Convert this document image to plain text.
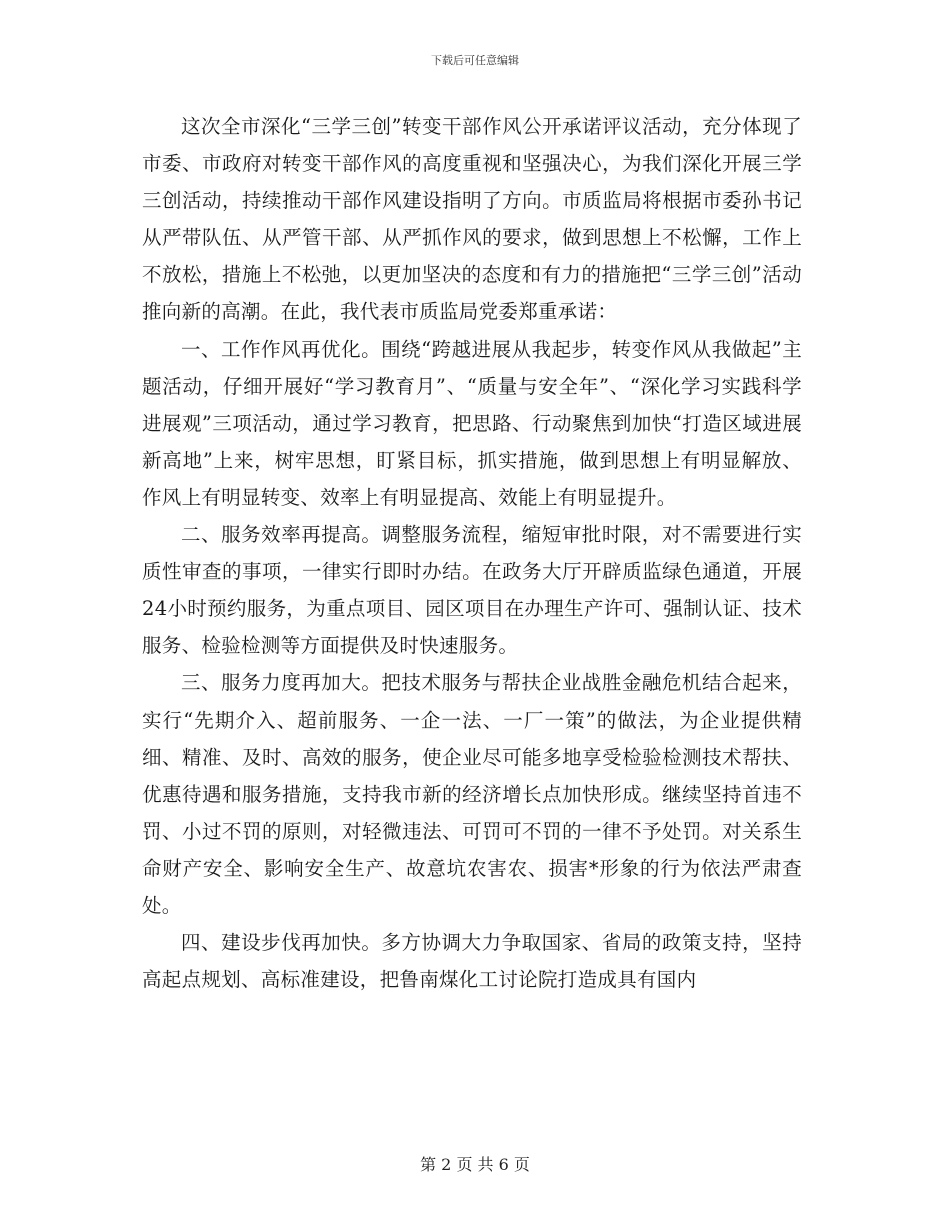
下载后可任意编辑

这次全市深化“三学三创”转变干部作风公开承诺评议活动，充分体现了市委、市政府对转变干部作风的高度重视和坚强决心，为我们深化开展三学三创活动，持续推动干部作风建设指明了方向。市质监局将根据市委孙书记从严带队伍、从严管干部、从严抓作风的要求，做到思想上不松懈，工作上不放松，措施上不松弛，以更加坚决的态度和有力的措施把“三学三创”活动推向新的高潮。在此，我代表市质监局党委郑重承诺：

一、工作作风再优化。围绕“跨越进展从我起步，转变作风从我做起”主题活动，仔细开展好“学习教育月”、“质量与安全年”、“深化学习实践科学进展观”三项活动，通过学习教育，把思路、行动聚焦到加快“打造区域进展新高地”上来，树牢思想，盯紧目标，抓实措施，做到思想上有明显解放、作风上有明显转变、效率上有明显提高、效能上有明显提升。

二、服务效率再提高。调整服务流程，缩短审批时限，对不需要进行实质性审查的事项，一律实行即时办结。在政务大厅开辟质监绿色通道，开展24小时预约服务，为重点项目、园区项目在办理生产许可、强制认证、技术服务、检验检测等方面提供及时快速服务。

三、服务力度再加大。把技术服务与帮扶企业战胜金融危机结合起来，实行“先期介入、超前服务、一企一法、一厂一策”的做法，为企业提供精细、精准、及时、高效的服务，使企业尽可能多地享受检验检测技术帮扶、优惠待遇和服务措施，支持我市新的经济增长点加快形成。继续坚持首违不罚、小过不罚的原则，对轻微违法、可罚可不罚的一律不予处罚。对关系生命财产安全、影响安全生产、故意坑农害农、损害*形象的行为依法严肃查处。

四、建设步伐再加快。多方协调大力争取国家、省局的政策支持，坚持高起点规划、高标准建设，把鲁南煤化工讨论院打造成具有国内

第 2 页 共 6 页
